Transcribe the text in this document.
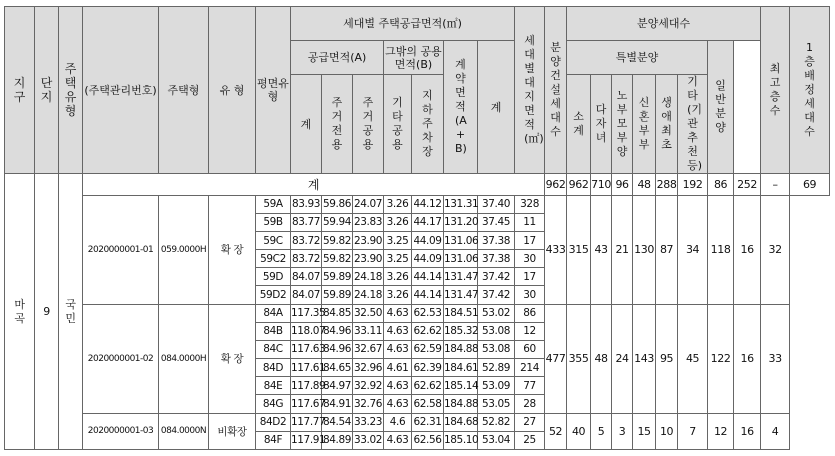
지구	단지	주택유형	(주택관리번호)	주택형	유 형	평면유형	세대별 주택공급면적(㎡)							세대별대지면적(㎡)	분양건설세대수	분양세대수								최고층수	1층배정세대수
							공급면적(A)			그밖의 공용면적(B)		계약면적(A+B)	계			특별분양						일반분양			
							계	주거전용	주거공용	기타공용	지하주차장					소계	다자녀	노부모부양	신혼부부	생애최초	기타(기관추천 등)				
마곡	9	국민	계												962	962	710	96	48	288	192	86	252	–	69
			2020000001-01	059.0000H	확 장	59A	83.93	59.86	24.07	3.26	44.12	131.31	37.40	328	433	315	43	21	130	87	34	118	16	32	
						59B	83.77	59.94	23.83	3.26	44.17	131.20	37.45	11											
						59C	83.72	59.82	23.90	3.25	44.09	131.06	37.38	17											
						59C2	83.72	59.82	23.90	3.25	44.09	131.06	37.38	30											
						59D	84.07	59.89	24.18	3.26	44.14	131.47	37.42	17											
						59D2	84.07	59.89	24.18	3.26	44.14	131.47	37.42	30											
			2020000001-02	084.0000H	확 장	84A	117.35	84.85	32.50	4.63	62.53	184.51	53.02	86	477	355	48	24	143	95	45	122	16	33	
						84B	118.07	84.96	33.11	4.63	62.62	185.32	53.08	12											
						84C	117.63	84.96	32.67	4.63	62.59	184.88	53.08	60											
						84D	117.61	84.65	32.96	4.61	62.39	184.61	52.89	214											
						84E	117.89	84.97	32.92	4.63	62.62	185.14	53.09	77											
						84G	117.67	84.91	32.76	4.63	62.58	184.88	53.05	28											
			2020000001-03	084.0000N	비확장	84D2	117.77	84.54	33.23	4.6	62.31	184.68	52.82	27	52	40	5	3	15	10	7	12	16	4	
						84F	117.91	84.89	33.02	4.63	62.56	185.10	53.04	25											
